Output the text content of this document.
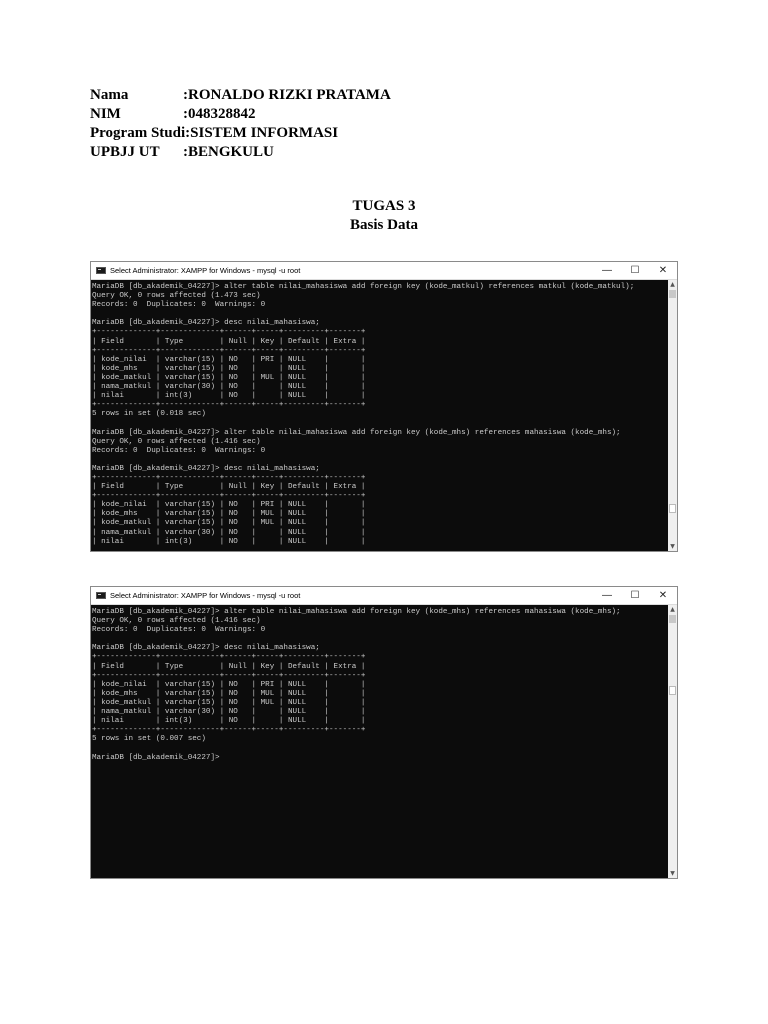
Nama	:RONALDO RIZKI PRATAMA
NIM	:048328842
Program Studi :SISTEM INFORMASI
UPBJJ UT	:BENGKULU
TUGAS 3
Basis Data
Select Administrator: XAMPP for Windows - mysql -u root	—	☐	✕
MariaDB [db_akademik_04227]> alter table nilai_mahasiswa add foreign key (kode_matkul) references matkul (kode_matkul);
Query OK, 0 rows affected (1.473 sec)
Records: 0  Duplicates: 0  Warnings: 0

MariaDB [db_akademik_04227]> desc nilai_mahasiswa;
+-------------+-------------+------+-----+---------+-------+
| Field       | Type        | Null | Key | Default | Extra |
+-------------+-------------+------+-----+---------+-------+
| kode_nilai  | varchar(15) | NO   | PRI | NULL    |       |
| kode_mhs    | varchar(15) | NO   |     | NULL    |       |
| kode_matkul | varchar(15) | NO   | MUL | NULL    |       |
| nama_matkul | varchar(30) | NO   |     | NULL    |       |
| nilai       | int(3)      | NO   |     | NULL    |       |
+-------------+-------------+------+-----+---------+-------+
5 rows in set (0.018 sec)

MariaDB [db_akademik_04227]> alter table nilai_mahasiswa add foreign key (kode_mhs) references mahasiswa (kode_mhs);
Query OK, 0 rows affected (1.416 sec)
Records: 0  Duplicates: 0  Warnings: 0

MariaDB [db_akademik_04227]> desc nilai_mahasiswa;
+-------------+-------------+------+-----+---------+-------+
| Field       | Type        | Null | Key | Default | Extra |
+-------------+-------------+------+-----+---------+-------+
| kode_nilai  | varchar(15) | NO   | PRI | NULL    |       |
| kode_mhs    | varchar(15) | NO   | MUL | NULL    |       |
| kode_matkul | varchar(15) | NO   | MUL | NULL    |       |
| nama_matkul | varchar(30) | NO   |     | NULL    |       |
| nilai       | int(3)      | NO   |     | NULL    |       |
▲
▼
Select Administrator: XAMPP for Windows - mysql -u root	—	☐	✕
MariaDB [db_akademik_04227]> alter table nilai_mahasiswa add foreign key (kode_mhs) references mahasiswa (kode_mhs);
Query OK, 0 rows affected (1.416 sec)
Records: 0  Duplicates: 0  Warnings: 0

MariaDB [db_akademik_04227]> desc nilai_mahasiswa;
+-------------+-------------+------+-----+---------+-------+
| Field       | Type        | Null | Key | Default | Extra |
+-------------+-------------+------+-----+---------+-------+
| kode_nilai  | varchar(15) | NO   | PRI | NULL    |       |
| kode_mhs    | varchar(15) | NO   | MUL | NULL    |       |
| kode_matkul | varchar(15) | NO   | MUL | NULL    |       |
| nama_matkul | varchar(30) | NO   |     | NULL    |       |
| nilai       | int(3)      | NO   |     | NULL    |       |
+-------------+-------------+------+-----+---------+-------+
5 rows in set (0.007 sec)

MariaDB [db_akademik_04227]>
▲
▼
